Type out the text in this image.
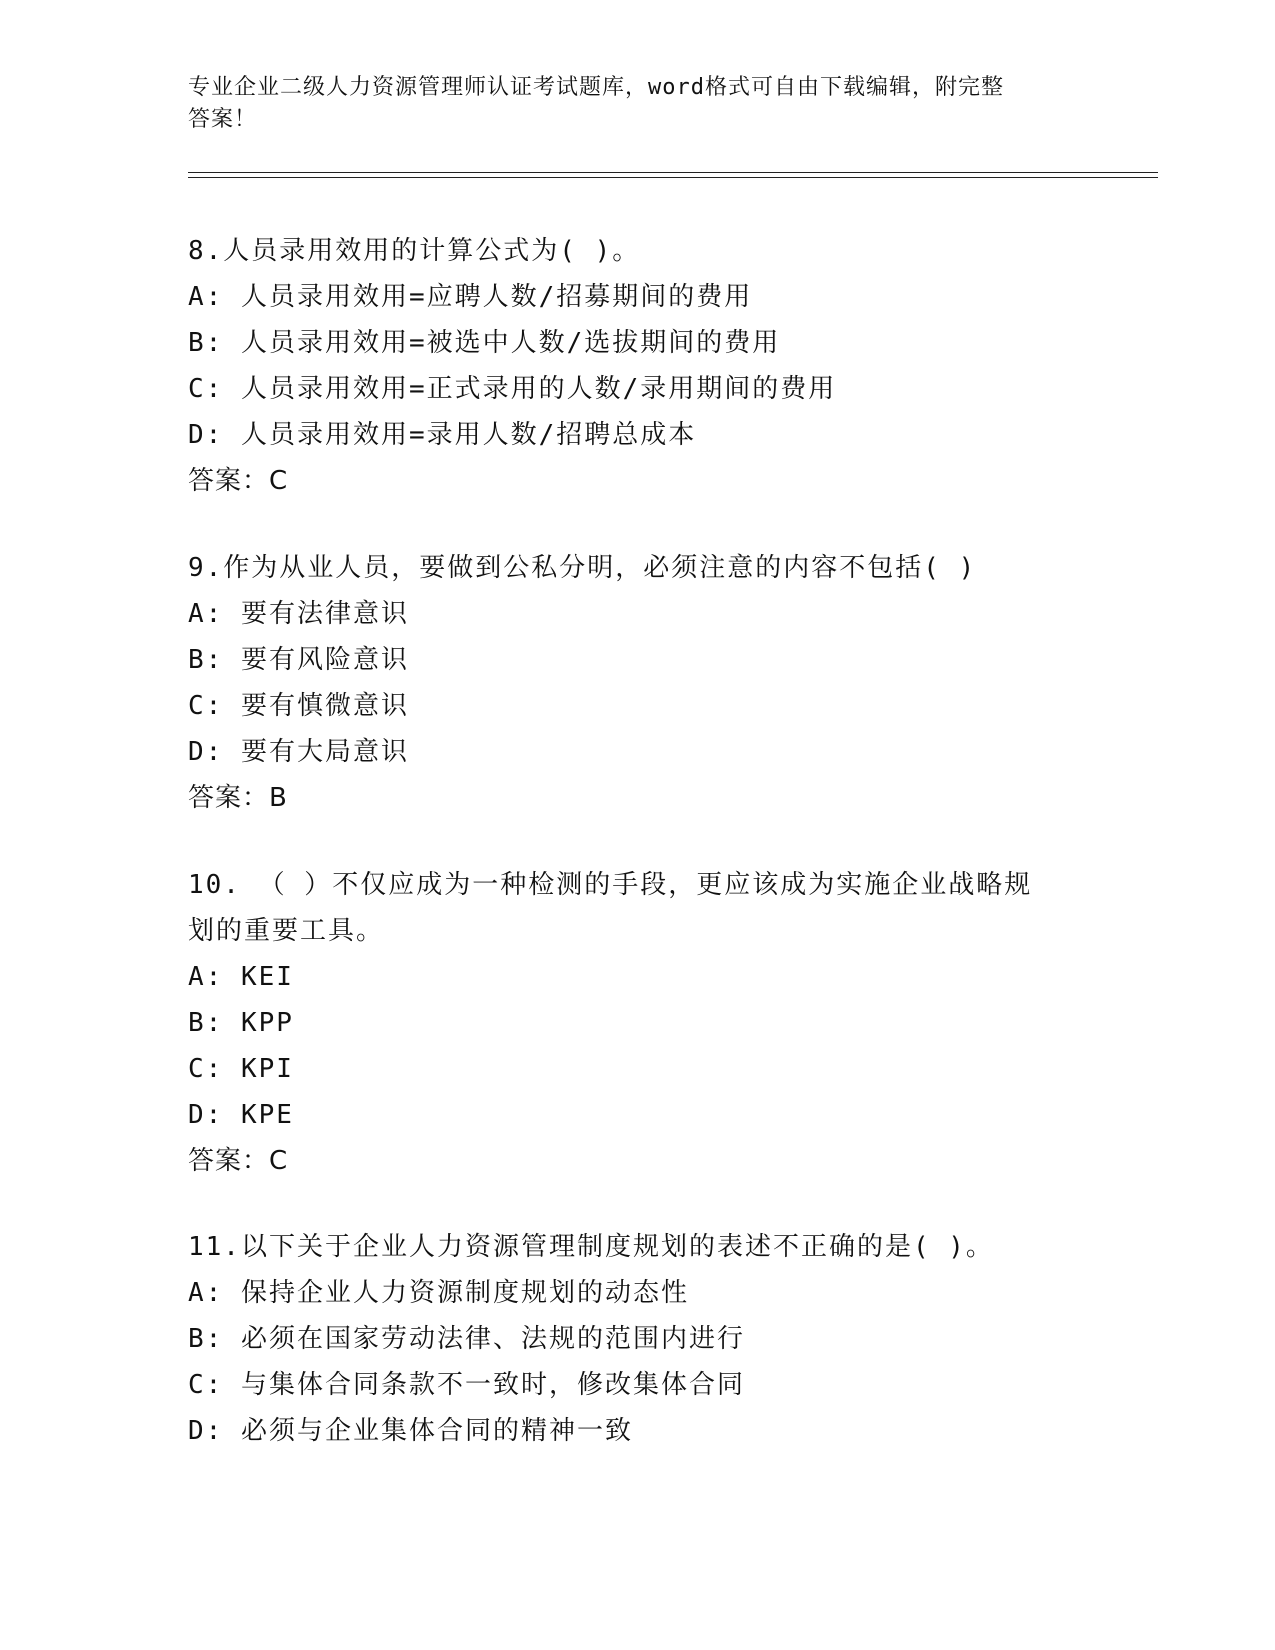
专业企业二级人力资源管理师认证考试题库，word格式可自由下载编辑，附完整
答案！
8.人员录用效用的计算公式为( )。
A: 人员录用效用=应聘人数/招募期间的费用
B: 人员录用效用=被选中人数/选拔期间的费用
C: 人员录用效用=正式录用的人数/录用期间的费用
D: 人员录用效用=录用人数/招聘总成本
答案：C
9.作为从业人员，要做到公私分明，必须注意的内容不包括( )
A: 要有法律意识
B: 要有风险意识
C: 要有慎微意识
D: 要有大局意识
答案：B
10. （ ）不仅应成为一种检测的手段，更应该成为实施企业战略规
划的重要工具。
A: KEI
B: KPP
C: KPI
D: KPE
答案：C
11.以下关于企业人力资源管理制度规划的表述不正确的是( )。
A: 保持企业人力资源制度规划的动态性
B: 必须在国家劳动法律、法规的范围内进行
C: 与集体合同条款不一致时，修改集体合同
D: 必须与企业集体合同的精神一致
